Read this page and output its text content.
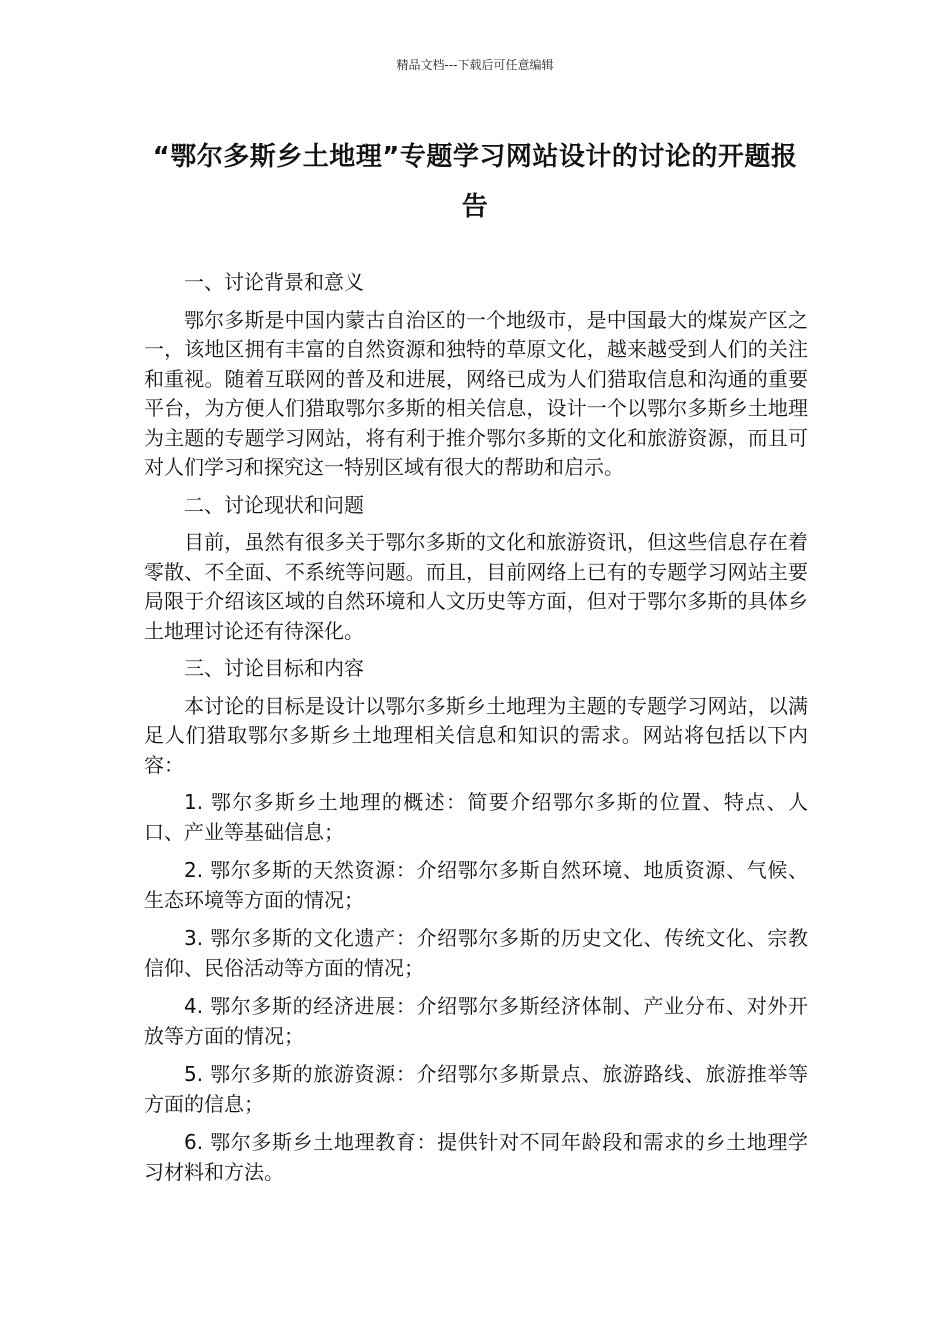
精品文档---下载后可任意编辑
“鄂尔多斯乡土地理”专题学习网站设计的讨论的开题报告

一、讨论背景和意义

鄂尔多斯是中国内蒙古自治区的一个地级市，是中国最大的煤炭产区之一，该地区拥有丰富的自然资源和独特的草原文化，越来越受到人们的关注和重视。随着互联网的普及和进展，网络已成为人们猎取信息和沟通的重要平台，为方便人们猎取鄂尔多斯的相关信息，设计一个以鄂尔多斯乡土地理为主题的专题学习网站，将有利于推介鄂尔多斯的文化和旅游资源，而且可对人们学习和探究这一特别区域有很大的帮助和启示。

二、讨论现状和问题

目前，虽然有很多关于鄂尔多斯的文化和旅游资讯，但这些信息存在着零散、不全面、不系统等问题。而且，目前网络上已有的专题学习网站主要局限于介绍该区域的自然环境和人文历史等方面，但对于鄂尔多斯的具体乡土地理讨论还有待深化。

三、讨论目标和内容

本讨论的目标是设计以鄂尔多斯乡土地理为主题的专题学习网站，以满足人们猎取鄂尔多斯乡土地理相关信息和知识的需求。网站将包括以下内容：

1. 鄂尔多斯乡土地理的概述：简要介绍鄂尔多斯的位置、特点、人口、产业等基础信息；

2. 鄂尔多斯的天然资源：介绍鄂尔多斯自然环境、地质资源、气候、生态环境等方面的情况；

3. 鄂尔多斯的文化遗产：介绍鄂尔多斯的历史文化、传统文化、宗教信仰、民俗活动等方面的情况；

4. 鄂尔多斯的经济进展：介绍鄂尔多斯经济体制、产业分布、对外开放等方面的情况；

5. 鄂尔多斯的旅游资源：介绍鄂尔多斯景点、旅游路线、旅游推举等方面的信息；

6. 鄂尔多斯乡土地理教育：提供针对不同年龄段和需求的乡土地理学习材料和方法。
